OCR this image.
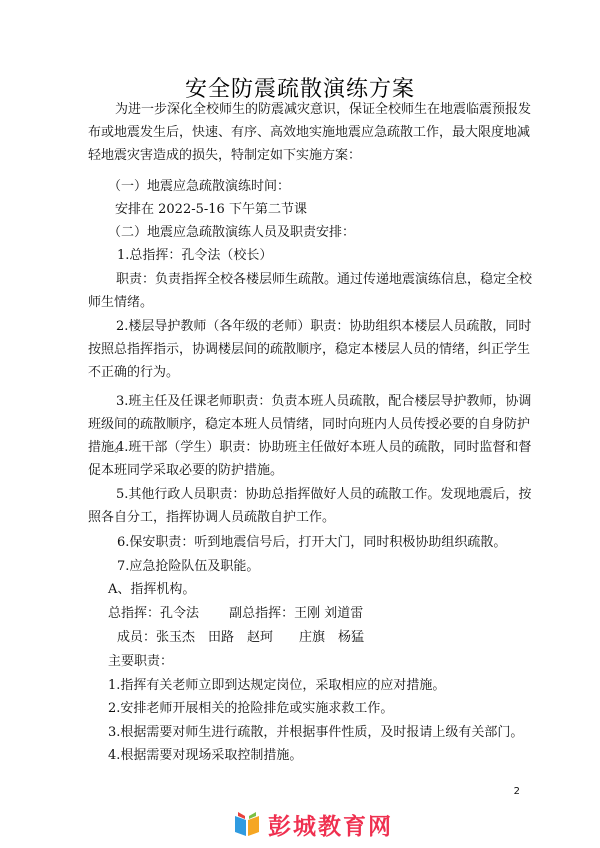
安全防震疏散演练方案

为进一步深化全校师生的防震减灾意识，保证全校师生在地震临震预报发布或地震发生后，快速、有序、高效地实施地震应急疏散工作，最大限度地减轻地震灾害造成的损失，特制定如下实施方案：

（一）地震应急疏散演练时间：
安排在 2022-5-16 下午第二节课
（二）地震应急疏散演练人员及职责安排：
1.总指挥：孔令法（校长）

职责：负责指挥全校各楼层师生疏散。通过传递地震演练信息，稳定全校师生情绪。

2.楼层导护教师（各年级的老师）职责：协助组织本楼层人员疏散，同时按照总指挥指示，协调楼层间的疏散顺序，稳定本楼层人员的情绪，纠正学生不正确的行为。

3.班主任及任课老师职责：负责本班人员疏散，配合楼层导护教师，协调班级间的疏散顺序，稳定本班人员情绪，同时向班内人员传授必要的自身防护措施。

4.班干部（学生）职责：协助班主任做好本班人员的疏散，同时监督和督促本班同学采取必要的防护措施。

5.其他行政人员职责：协助总指挥做好人员的疏散工作。发现地震后，按照各自分工，指挥协调人员疏散自护工作。

6.保安职责：听到地震信号后，打开大门，同时积极协助组织疏散。
7.应急抢险队伍及职能。
A、指挥机构。
总指挥：孔令法　　 副总指挥：王刚 刘道雷
成员：张玉杰　田路　赵珂　　庄旗　杨猛
主要职责：
1.指挥有关老师立即到达规定岗位，采取相应的应对措施。
2.安排老师开展相关的抢险排危或实施求救工作。
3.根据需要对师生进行疏散，并根据事件性质，及时报请上级有关部门。
4.根据需要对现场采取控制措施。
2
彭城教育网
